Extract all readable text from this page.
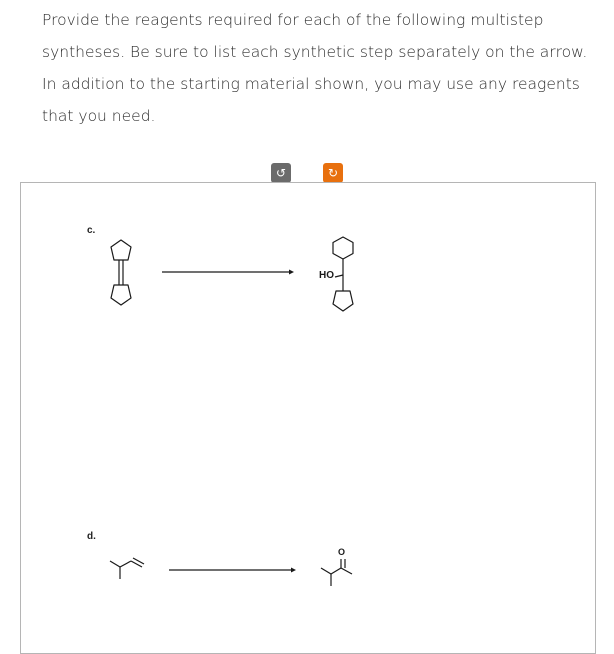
Provide the reagents required for each of the following multistep syntheses. Be sure to list each synthetic step separately on the arrow. In addition to the starting material shown, you may use any reagents that you need.

↺	↻
c.
d.
HO
O
